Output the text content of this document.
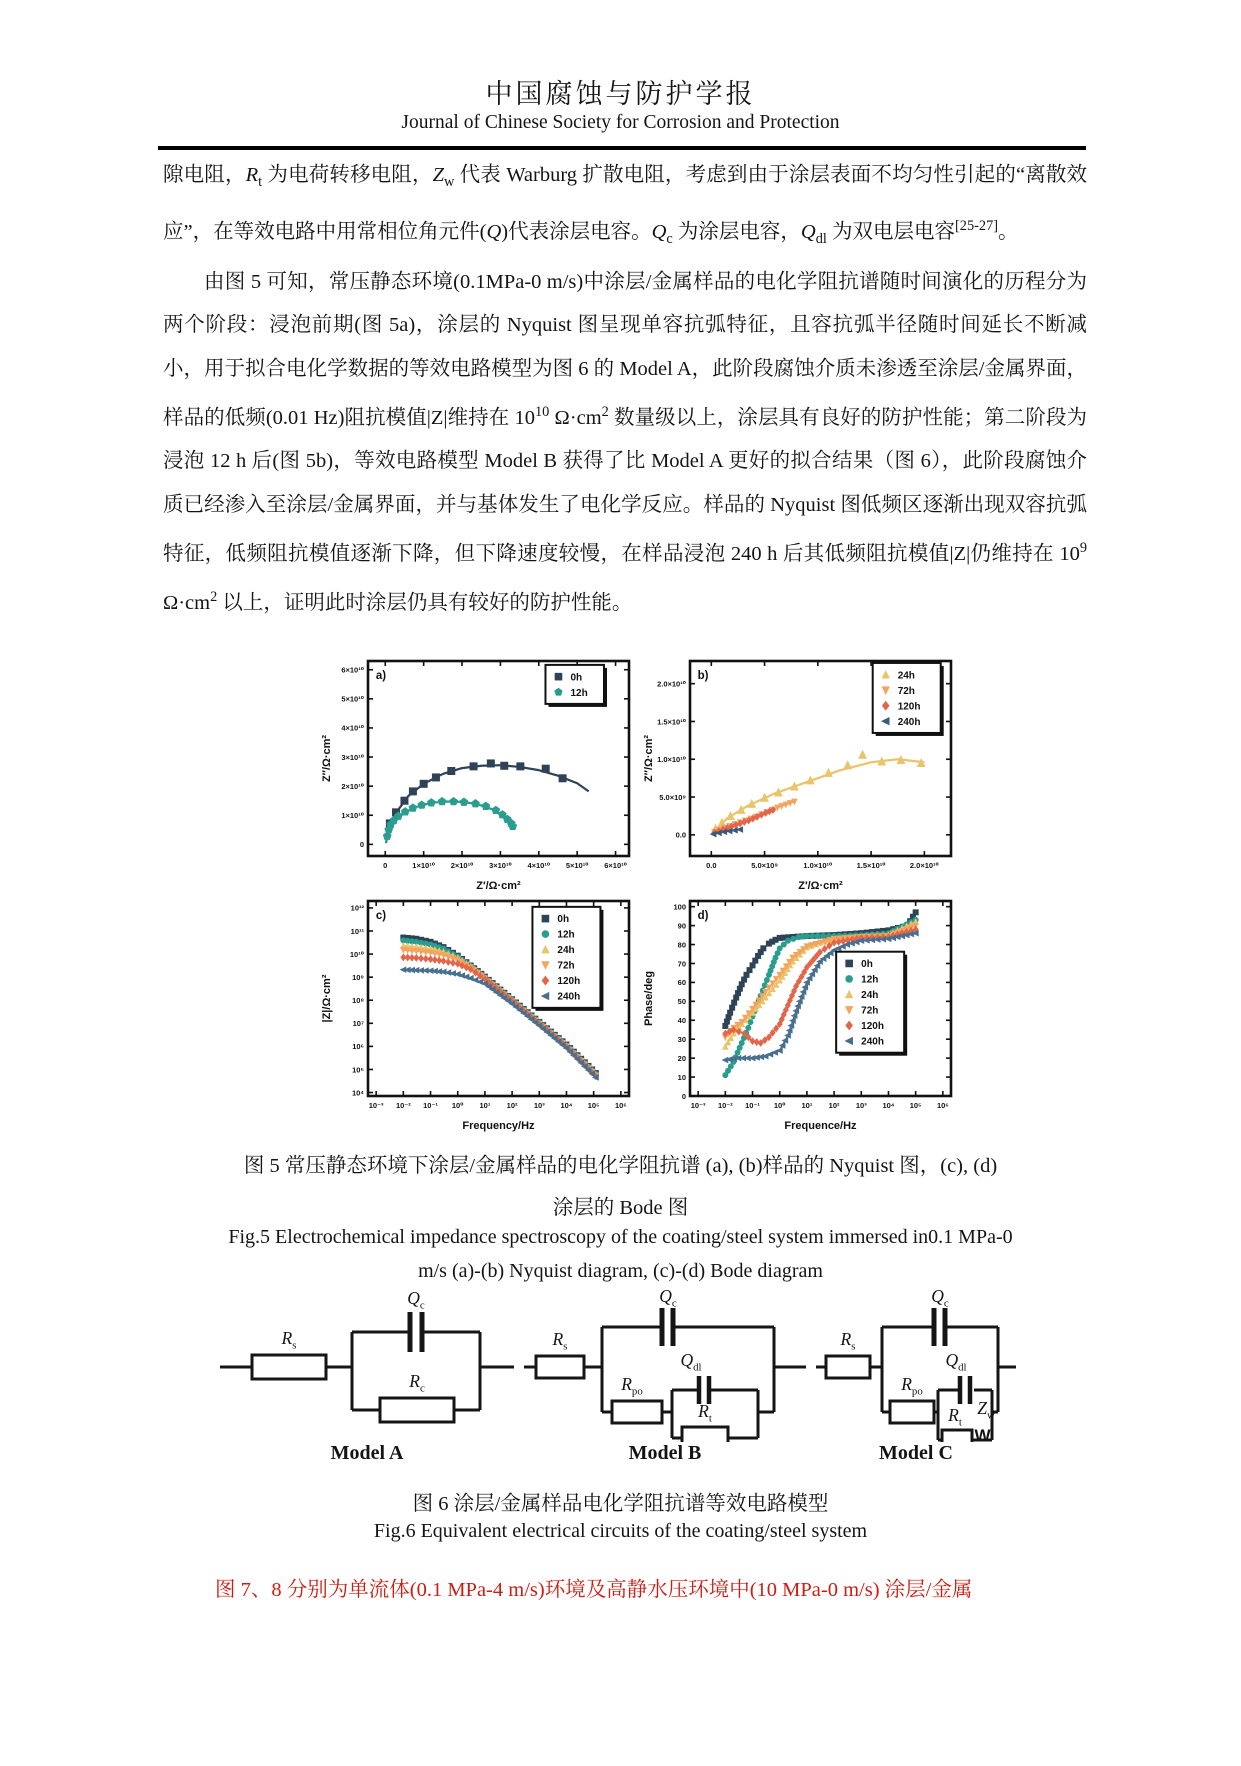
中国腐蚀与防护学报
Journal of Chinese Society for Corrosion and Protection

隙电阻，$R_t$ 为电荷转移电阻，$Z_w$ 代表 Warburg 扩散电阻，考虑到由于涂层表面不均匀性引起的“离散效应”，在等效电路中用常相位角元件(Q)代表涂层电容。$Q_c$ 为涂层电容，$Q_{dl}$ 为双电层电容[25-27]。

由图 5 可知，常压静态环境(0.1MPa-0 m/s)中涂层/金属样品的电化学阻抗谱随时间演化的历程分为两个阶段：浸泡前期(图 5a)，涂层的 Nyquist 图呈现单容抗弧特征，且容抗弧半径随时间延长不断减小，用于拟合电化学数据的等效电路模型为图 6 的 Model A，此阶段腐蚀介质未渗透至涂层/金属界面，样品的低频(0.01 Hz)阻抗模值|Z|维持在 $10^{10}$ $\Omega\cdot cm^2$ 数量级以上，涂层具有良好的防护性能；第二阶段为浸泡 12 h 后(图 5b)，等效电路模型 Model B 获得了比 Model A 更好的拟合结果（图 6），此阶段腐蚀介质已经渗入至涂层/金属界面，并与基体发生了电化学反应。样品的 Nyquist 图低频区逐渐出现双容抗弧特征，低频阻抗模值逐渐下降，但下降速度较慢，在样品浸泡 240 h 后其低频阻抗模值|Z|仍维持在 $10^9$ $\Omega\cdot cm^2$ 以上，证明此时涂层仍具有较好的防护性能。

0	1×10¹⁰ 2×10¹⁰ 3×10¹⁰ 4×10¹⁰ 5×10¹⁰ 6×10¹⁰
0
1×10¹⁰
2×10¹⁰
3×10¹⁰
4×10¹⁰
5×10¹⁰
6×10¹⁰
Z′/Ω·cm²
Z″/Ω·cm²
a)	0h
12h
0.0	5.0×10⁹	1.0×10¹⁰	1.5×10¹⁰	2.0×10¹⁰
0.0
5.0×10⁹
1.0×10¹⁰
1.5×10¹⁰
2.0×10¹⁰
Z′/Ω·cm²
Z″/Ω·cm²
b)	24h
72h
120h
240h
10⁻³ 10⁻² 10⁻¹ 10⁰ 10¹ 10² 10³ 10⁴ 10⁵ 10⁶
10⁴
10⁵
10⁶
10⁷
10⁸
10⁹
10¹⁰
10¹¹
10¹²
Frequency/Hz
|Z|/Ω·cm²
c)	0h
12h
24h
72h
120h
240h
10⁻³ 10⁻² 10⁻¹ 10⁰ 10¹ 10² 10³ 10⁴ 10⁵ 10⁶
0
10
20
30
40
50
60
70
80
90
100
Frequence/Hz
Phase/deg
d)
0h
12h
24h
72h
120h
240h
图 5 常压静态环境下涂层/金属样品的电化学阻抗谱 (a), (b)样品的 Nyquist 图，(c), (d)
涂层的 Bode 图
Fig.5 Electrochemical impedance spectroscopy of the coating/steel system immersed in0.1 MPa-0
m/s (a)-(b) Nyquist diagram, (c)-(d) Bode diagram
$R_s$
$Q_c$
$R_c$
$R_s$
$Q_c$
$R_{po}$
$Q_{dl}$
$R_t$
$R_s$
$Q_c$
$R_{po}$
$Q_{dl}$
$R_t$
$Z_w$
W
Model A	Model B	Model C
图 6 涂层/金属样品电化学阻抗谱等效电路模型
Fig.6 Equivalent electrical circuits of the coating/steel system

图 7、8 分别为单流体(0.1 MPa-4 m/s)环境及高静水压环境中(10 MPa-0 m/s) 涂层/金属
